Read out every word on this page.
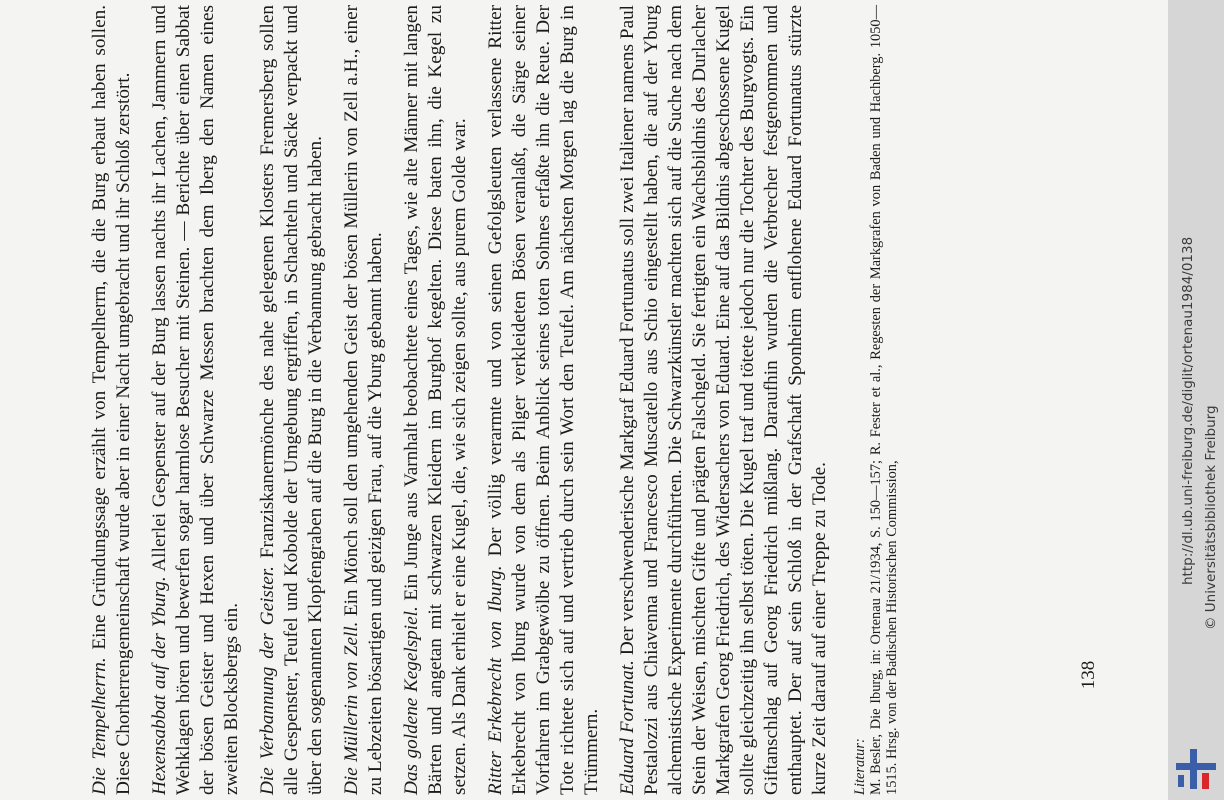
Die Tempelherrn. Eine Gründungssage erzählt von Tempelherrn, die die Burg erbaut haben sollen. Diese Chorherrengemeinschaft wurde aber in einer Nacht umgebracht und ihr Schloß zerstört. Hexensabbat auf der Yburg. Allerlei Gespenster auf der Burg lassen nachts ihr Lachen, Jammern und Wehklagen hören und bewerfen sogar harmlose Besucher mit Steinen. — Berichte über einen Sabbat der bösen Geister und Hexen und über Schwarze Messen brachten dem Iberg den Namen eines zweiten Blocksbergs ein. Die Verbannung der Geister. Franziskanermönche des nahe gelegenen Klosters Fremersberg sollen alle Gespenster, Teufel und Kobolde der Umgebung ergriffen, in Schachteln und Säcke verpackt und über den sogenannten Klopfengraben auf die Burg in die Verbannung gebracht haben. Die Müllerin von Zell. Ein Mönch soll den umgehenden Geist der bösen Müllerin von Zell a.H., einer zu Lebzeiten bösartigen und geizigen Frau, auf die Yburg gebannt haben. Das goldene Kegelspiel. Ein Junge aus Varnhalt beobachtete eines Tages, wie alte Männer mit langen Bärten und angetan mit schwarzen Kleidern im Burghof kegelten. Diese baten ihn, die Kegel zu setzen. Als Dank erhielt er eine Kugel, die, wie sich zeigen sollte, aus purem Golde war. Ritter Erkebrecht von Iburg. Der völlig verarmte und von seinen Gefolgsleuten verlassene Ritter Erkebrecht von Iburg wurde von dem als Pilger verkleideten Bösen veranlaßt, die Särge seiner Vorfahren im Grabgewölbe zu öffnen. Beim Anblick seines toten Sohnes erfaßte ihn die Reue. Der Tote richtete sich auf und vertrieb durch sein Wort den Teufel. Am nächsten Morgen lag die Burg in Trümmern. Eduard Fortunat. Der verschwenderische Markgraf Eduard Fortunatus soll zwei Italiener namens Paul Pestalozzi aus Chiavenna und Francesco Muscatello aus Schio eingestellt haben, die auf der Yburg alchemistische Experimente durchführten. Die Schwarzkünstler machten sich auf die Suche nach dem Stein der Weisen, mischten Gifte und prägten Falschgeld. Sie fertigten ein Wachsbildnis des Durlacher Markgrafen Georg Friedrich, des Widersachers von Eduard. Eine auf das Bildnis abgeschossene Kugel sollte gleichzeitig ihn selbst töten. Die Kugel traf und tötete jedoch nur die Tochter des Burgvogts. Ein Giftanschlag auf Georg Friedrich mißlang. Daraufhin wurden die Verbrecher festgenommen und enthauptet. Der auf sein Schloß in der Grafschaft Sponheim entflohene Eduard Fortunatus stürzte kurze Zeit darauf auf einer Treppe zu Tode. Literatur: M. Besler, Die Iburg, in: Ortenau 21/1934, S. 150—157; R. Fester et al., Regesten der Markgrafen von Baden und Hachberg. 1050—1515. Hrsg. von der Badischen Historischen Commission,	138
http://dl.ub.uni-freiburg.de/diglit/ortenau1984/0138 © Universitätsbibliothek Freiburg
